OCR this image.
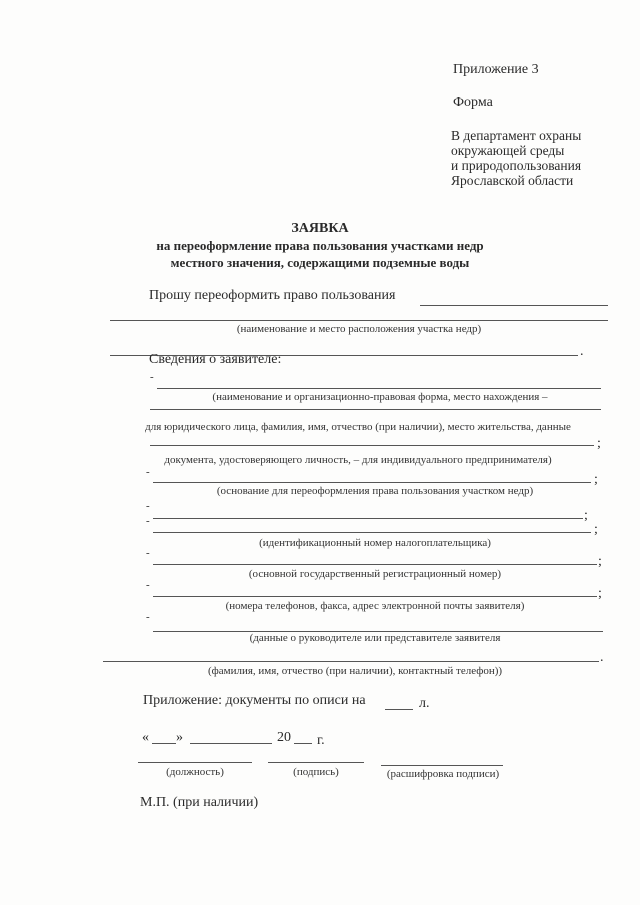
Приложение 3
Форма
В департамент охраны
окружающей среды
и природопользования
Ярославской области
ЗАЯВКА
на переоформление права пользования участками недр
местного значения, содержащими подземные воды
Прошу переоформить право пользования
(наименование и место расположения участка недр)
.
Сведения о заявителе:
-
(наименование и организационно-правовая форма, место нахождения –
для юридического лица, фамилия, имя, отчество (при наличии), место жительства, данные
;
документа, удостоверяющего личность, – для индивидуального предпринимателя)
-	;
(основание для переоформления права пользования участком недр)
-
;
-
;
(идентификационный номер налогоплательщика)
-
;
(основной государственный регистрационный номер)
-
;
(номера телефонов, факса, адрес электронной почты заявителя)
-
(данные о руководителе или представителе заявителя
.
(фамилия, имя, отчество (при наличии), контактный телефон))
Приложение: документы по описи на	л.
« »	20 г.
(должность)	(подпись)	(расшифровка подписи)
М.П. (при наличии)
